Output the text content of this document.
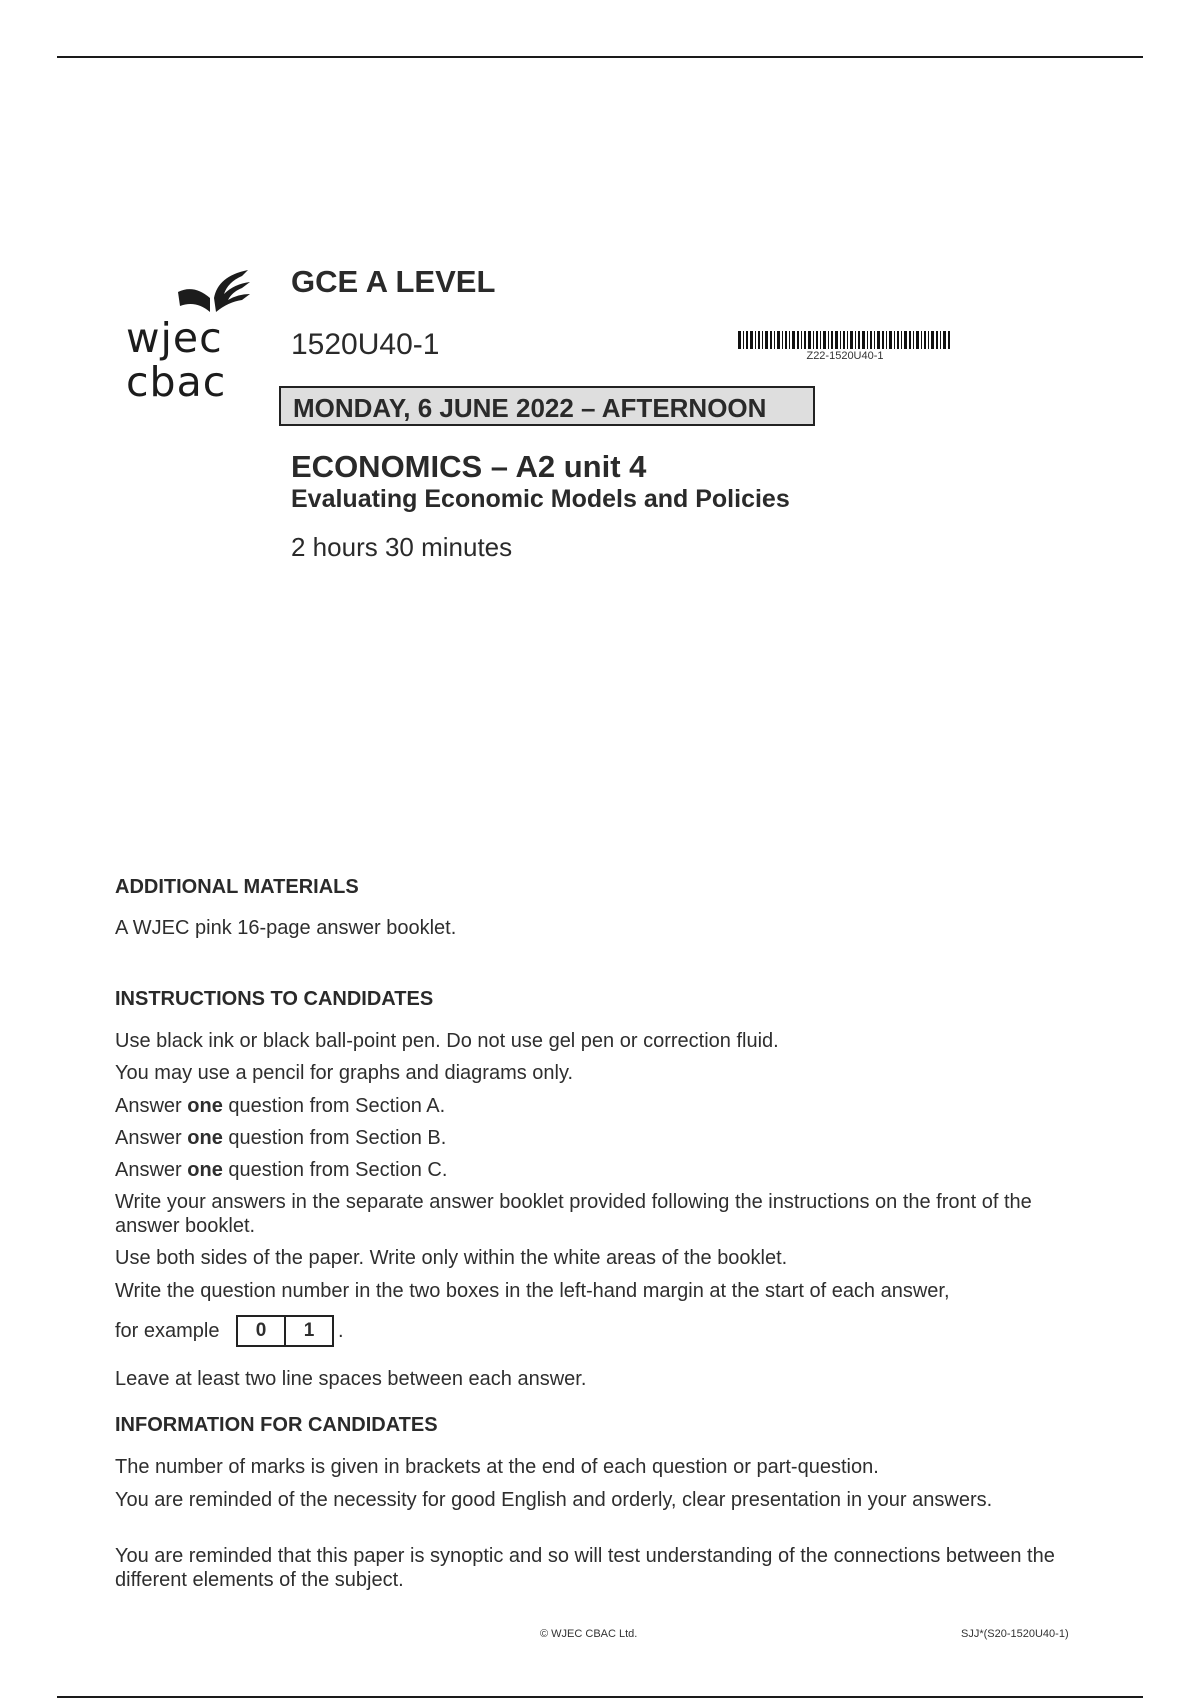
wjec
cbac
GCE A LEVEL
1520U40-1	Z22-1520U40-1
MONDAY, 6 JUNE 2022 – AFTERNOON
ECONOMICS – A2 unit 4
Evaluating Economic Models and Policies
2 hours 30 minutes
ADDITIONAL MATERIALS
A WJEC pink 16-page answer booklet.
INSTRUCTIONS TO CANDIDATES
Use black ink or black ball-point pen. Do not use gel pen or correction fluid.
You may use a pencil for graphs and diagrams only.
Answer one question from Section A.
Answer one question from Section B.
Answer one question from Section C.
Write your answers in the separate answer booklet provided following the instructions on the front of the answer booklet.
Use both sides of the paper. Write only within the white areas of the booklet.
Write the question number in the two boxes in the left-hand margin at the start of each answer,
for example	0	1	.
Leave at least two line spaces between each answer.
INFORMATION FOR CANDIDATES
The number of marks is given in brackets at the end of each question or part-question.
You are reminded of the necessity for good English and orderly, clear presentation in your answers.
You are reminded that this paper is synoptic and so will test understanding of the connections between the different elements of the subject.
© WJEC CBAC Ltd.	SJJ*(S20-1520U40-1)
